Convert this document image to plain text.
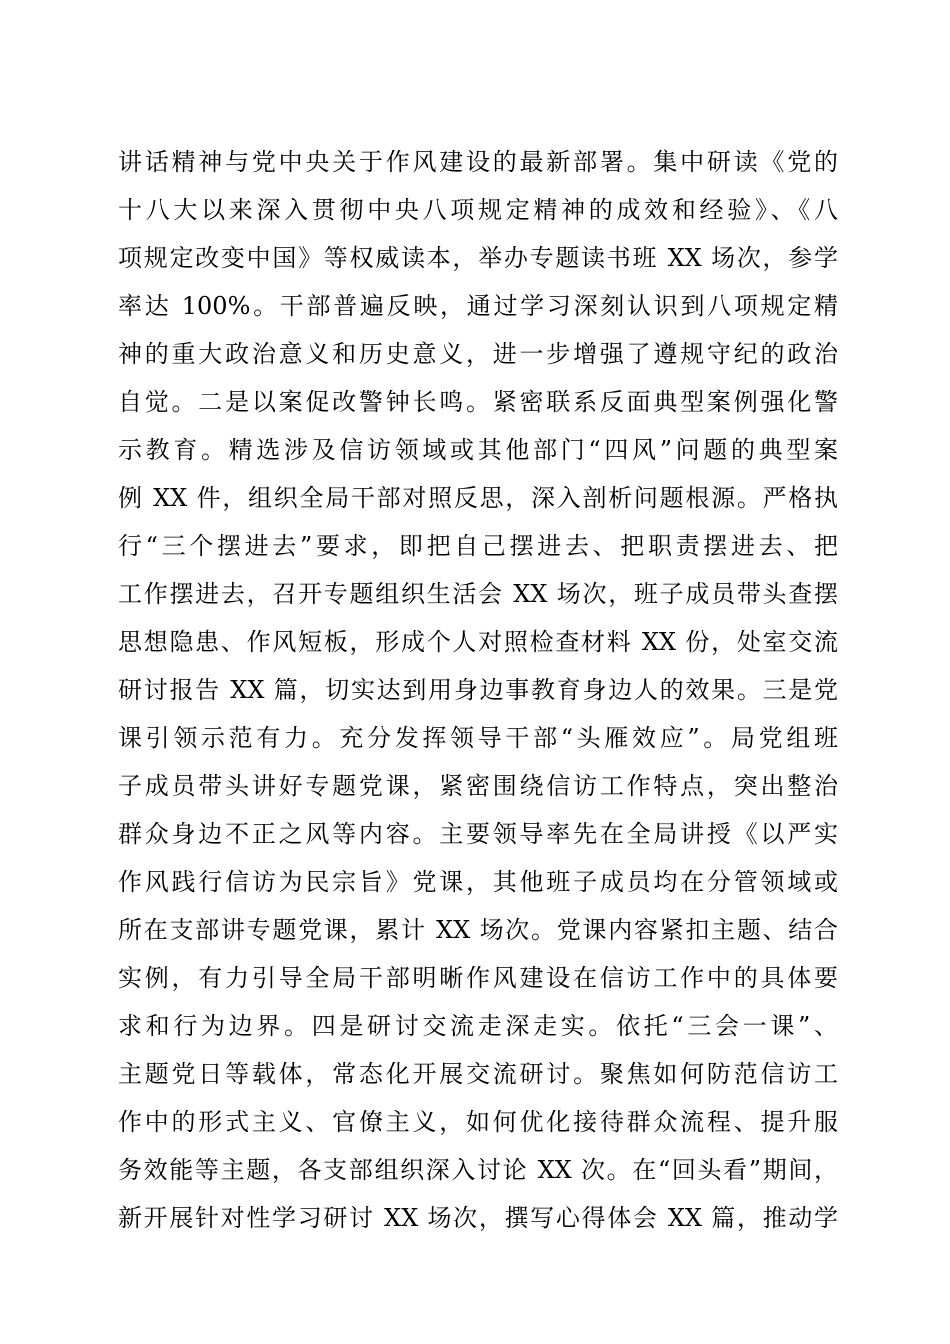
讲话精神与党中央关于作风建设的最新部署。集中研读《党的
十八大以来深入贯彻中央八项规定精神的成效和经验》、《八
项规定改变中国》等权威读本，举办专题读书班 XX 场次，参学
率达 100%。干部普遍反映，通过学习深刻认识到八项规定精
神的重大政治意义和历史意义，进一步增强了遵规守纪的政治
自觉。二是以案促改警钟长鸣。紧密联系反面典型案例强化警
示教育。精选涉及信访领域或其他部门“四风”问题的典型案
例 XX 件，组织全局干部对照反思，深入剖析问题根源。严格执
行“三个摆进去”要求，即把自己摆进去、把职责摆进去、把
工作摆进去，召开专题组织生活会 XX 场次，班子成员带头查摆
思想隐患、作风短板，形成个人对照检查材料 XX 份，处室交流
研讨报告 XX 篇，切实达到用身边事教育身边人的效果。三是党
课引领示范有力。充分发挥领导干部“头雁效应”。局党组班
子成员带头讲好专题党课，紧密围绕信访工作特点，突出整治
群众身边不正之风等内容。主要领导率先在全局讲授《以严实
作风践行信访为民宗旨》党课，其他班子成员均在分管领域或
所在支部讲专题党课，累计 XX 场次。党课内容紧扣主题、结合
实例，有力引导全局干部明晰作风建设在信访工作中的具体要
求和行为边界。四是研讨交流走深走实。依托“三会一课”、
主题党日等载体，常态化开展交流研讨。聚焦如何防范信访工
作中的形式主义、官僚主义，如何优化接待群众流程、提升服
务效能等主题，各支部组织深入讨论 XX 次。在“回头看”期间，
新开展针对性学习研讨 XX 场次，撰写心得体会 XX 篇，推动学
